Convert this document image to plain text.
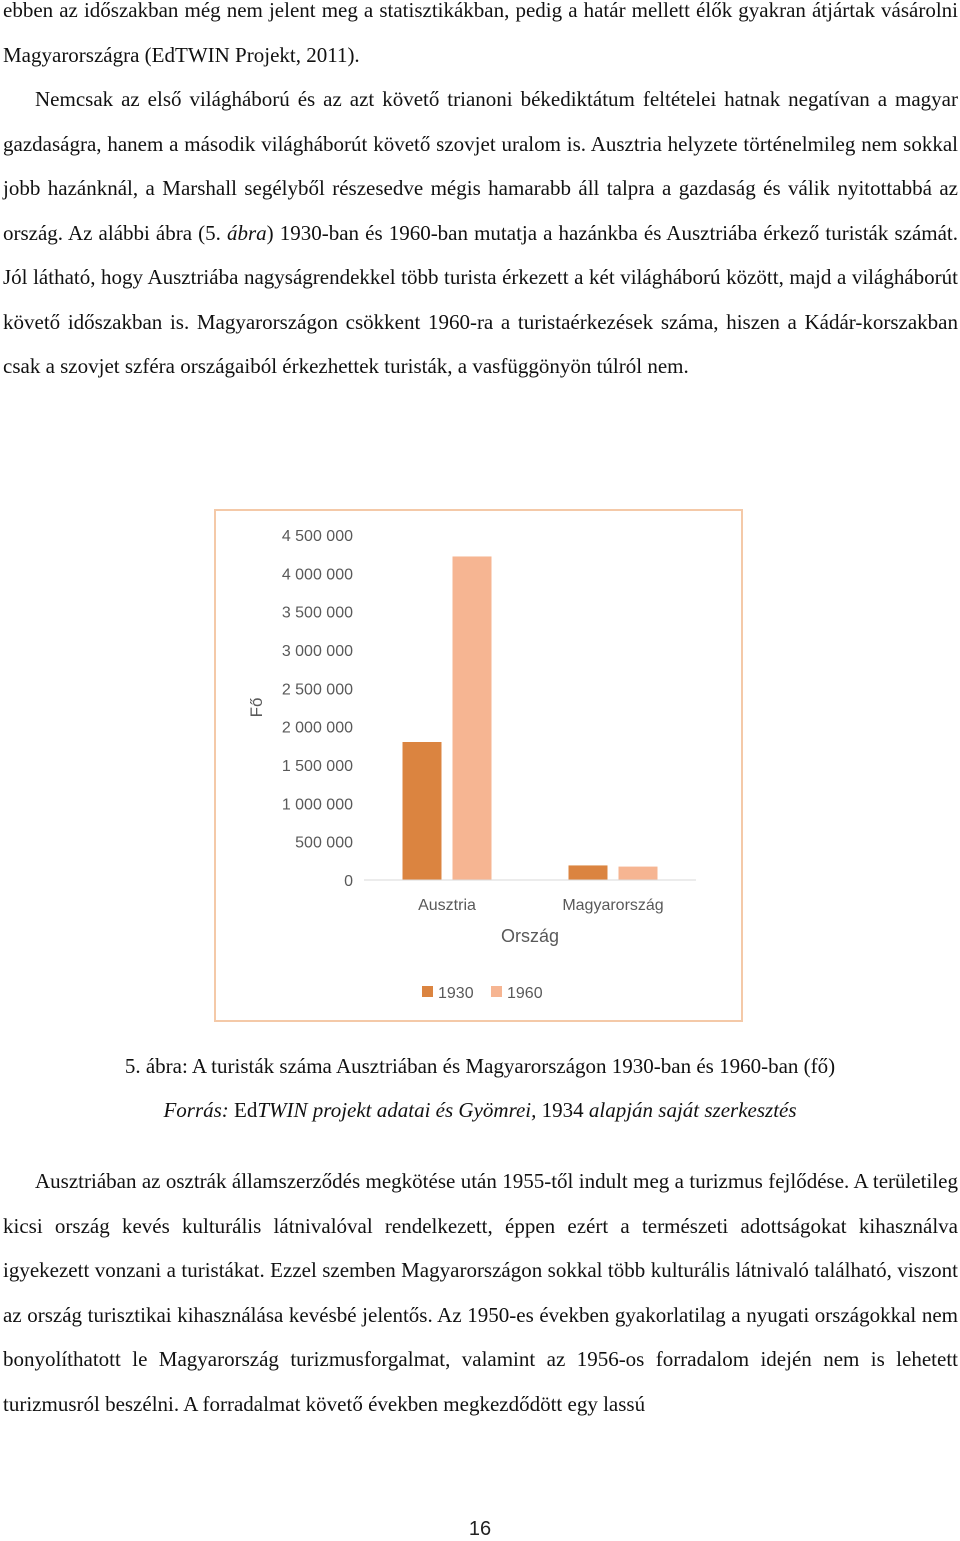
ebben az időszakban még nem jelent meg a statisztikákban, pedig a határ mellett élők gyakran átjártak vásárolni Magyarországra (EdTWIN Projekt, 2011).
Nemcsak az első világháború és az azt követő trianoni békediktátum feltételei hatnak negatívan a magyar gazdaságra, hanem a második világháborút követő szovjet uralom is. Ausztria helyzete történelmileg nem sokkal jobb hazánknál, a Marshall segélyből részesedve mégis hamarabb áll talpra a gazdaság és válik nyitottabbá az ország. Az alábbi ábra (5. ábra) 1930-ban és 1960-ban mutatja a hazánkba és Ausztriába érkező turisták számát. Jól látható, hogy Ausztriába nagyságrendekkel több turista érkezett a két világháború között, majd a világháborút követő időszakban is. Magyarországon csökkent 1960-ra a turistaérkezések száma, hiszen a Kádár-korszakban csak a szovjet szféra országaiból érkezhettek turisták, a vasfüggönyön túlról nem.

0
500 000
1 000 000
1 500 000
2 000 000
2 500 000
3 000 000
3 500 000
4 000 000
4 500 000
Ausztria	Magyarország
Fő
Ország
1930 1960
5. ábra: A turisták száma Ausztriában és Magyarországon 1930-ban és 1960-ban (fő)
Forrás: EdTWIN projekt adatai és Gyömrei, 1934 alapján saját szerkesztés

Ausztriában az osztrák államszerződés megkötése után 1955-től indult meg a turizmus fejlődése. A területileg kicsi ország kevés kulturális látnivalóval rendelkezett, éppen ezért a természeti adottságokat kihasználva igyekezett vonzani a turistákat. Ezzel szemben Magyarországon sokkal több kulturális látnivaló található, viszont az ország turisztikai kihasználása kevésbé jelentős. Az 1950-es években gyakorlatilag a nyugati országokkal nem bonyolíthatott le Magyarország turizmusforgalmat, valamint az 1956-os forradalom idején nem is lehetett turizmusról beszélni. A forradalmat követő években megkezdődött egy lassú

16
